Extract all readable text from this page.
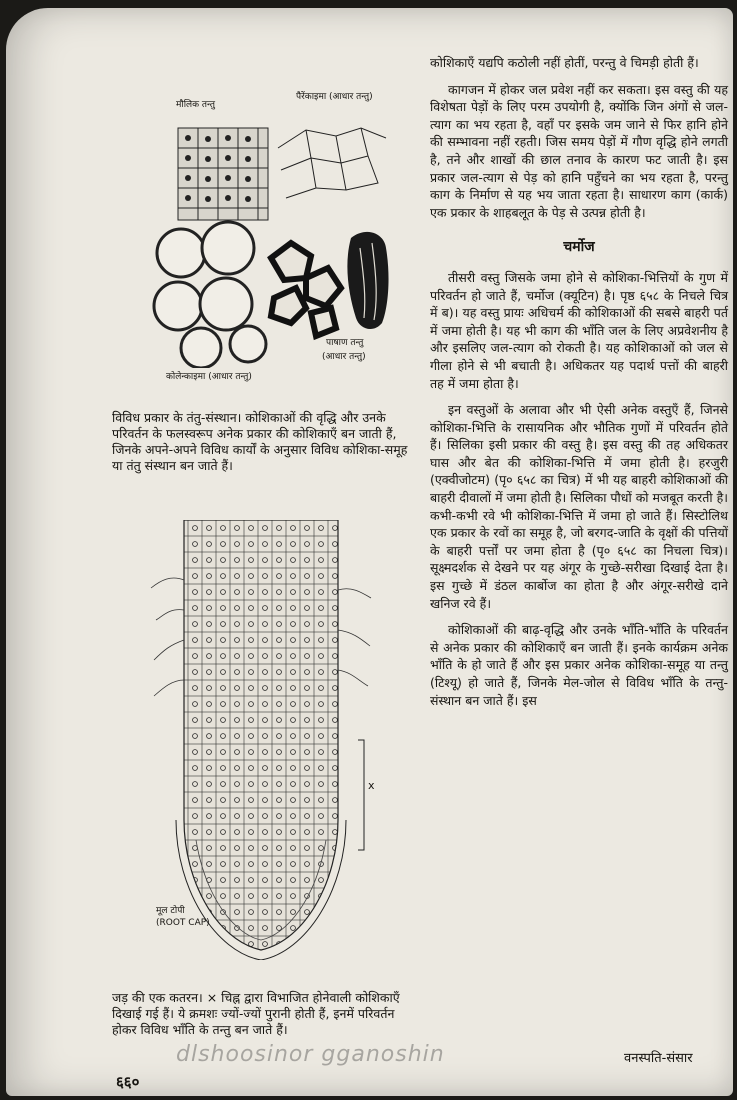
मौलिक तन्तु
पैरेंकाइमा (आधार तन्तु)
कोलेन्काइमा (आधार तन्तु)
पाषाण तन्तु
(आधार तन्तु)

विविध प्रकार के तंतु-संस्थान। कोशिकाओं की वृद्धि और उनके परिवर्तन के फलस्वरूप अनेक प्रकार की कोशिकाएँ बन जाती हैं, जिनके अपने-अपने विविध कार्यों के अनुसार विविध कोशिका-समूह या तंतु संस्थान बन जाते हैं।

x
मूल टोपी
(ROOT CAP)

जड़ की एक कतरन। × चिह्न द्वारा विभाजित होनेवाली कोशिकाएँ दिखाई गई हैं। ये क्रमशः ज्यों-ज्यों पुरानी होती हैं, इनमें परिवर्तन होकर विविध भाँति के तन्तु बन जाते हैं।

कोशिकाएँ यद्यपि कठोली नहीं होतीं, परन्तु वे चिमड़ी होती हैं।

कागजन में होकर जल प्रवेश नहीं कर सकता। इस वस्तु की यह विशेषता पेड़ों के लिए परम उपयोगी है, क्योंकि जिन अंगों से जल-त्याग का भय रहता है, वहाँ पर इसके जम जाने से फिर हानि होने की सम्भावना नहीं रहती। जिस समय पेड़ों में गौण वृद्धि होने लगती है, तने और शाखों की छाल तनाव के कारण फट जाती है। इस प्रकार जल-त्याग से पेड़ को हानि पहुँचने का भय रहता है, परन्तु काग के निर्माण से यह भय जाता रहता है। साधारण काग (कार्क) एक प्रकार के शाहबलूत के पेड़ से उत्पन्न होती है।

चर्मोज

तीसरी वस्तु जिसके जमा होने से कोशिका-भित्तियों के गुण में परिवर्तन हो जाते हैं, चर्मोज (क्यूटिन) है। पृष्ठ ६५८ के निचले चित्र में ब)। यह वस्तु प्रायः अधिचर्म की कोशिकाओं की सबसे बाहरी पर्त में जमा होती है। यह भी काग की भाँति जल के लिए अप्रवेशनीय है और इसलिए जल-त्याग को रोकती है। यह कोशिकाओं को जल से गीला होने से भी बचाती है। अधिकतर यह पदार्थ पत्तों की बाहरी तह में जमा होता है।

इन वस्तुओं के अलावा और भी ऐसी अनेक वस्तुएँ हैं, जिनसे कोशिका-भित्ति के रासायनिक और भौतिक गुणों में परिवर्तन होते हैं। सिलिका इसी प्रकार की वस्तु है। इस वस्तु की तह अधिकतर घास और बेत की कोशिका-भित्ति में जमा होती है। हरजुरी (एक्वीजोटम) (पृ० ६५८ का चित्र) में भी यह बाहरी कोशिकाओं की बाहरी दीवालों में जमा होती है। सिलिका पौधों को मजबूत करती है। कभी-कभी रवे भी कोशिका-भित्ति में जमा हो जाते हैं। सिस्टोलिथ एक प्रकार के रवों का समूह है, जो बरगद-जाति के वृक्षों की पत्तियों के बाहरी पर्त्तों पर जमा होता है (पृ० ६५८ का निचला चित्र)। सूक्ष्मदर्शक से देखने पर यह अंगूर के गुच्छे-सरीखा दिखाई देता है। इस गुच्छे में डंठल कार्बोज का होता है और अंगूर-सरीखे दाने खनिज रवे हैं।

कोशिकाओं की बाढ़-वृद्धि और उनके भाँति-भाँति के परिवर्तन से अनेक प्रकार की कोशिकाएँ बन जाती हैं। इनके कार्यक्रम अनेक भाँति के हो जाते हैं और इस प्रकार अनेक कोशिका-समूह या तन्तु (टिश्यू) हो जाते हैं, जिनके मेल-जोल से विविध भाँति के तन्तु-संस्थान बन जाते हैं। इस

dlshoosinor gganoshin
६६०
वनस्पति-संसार
